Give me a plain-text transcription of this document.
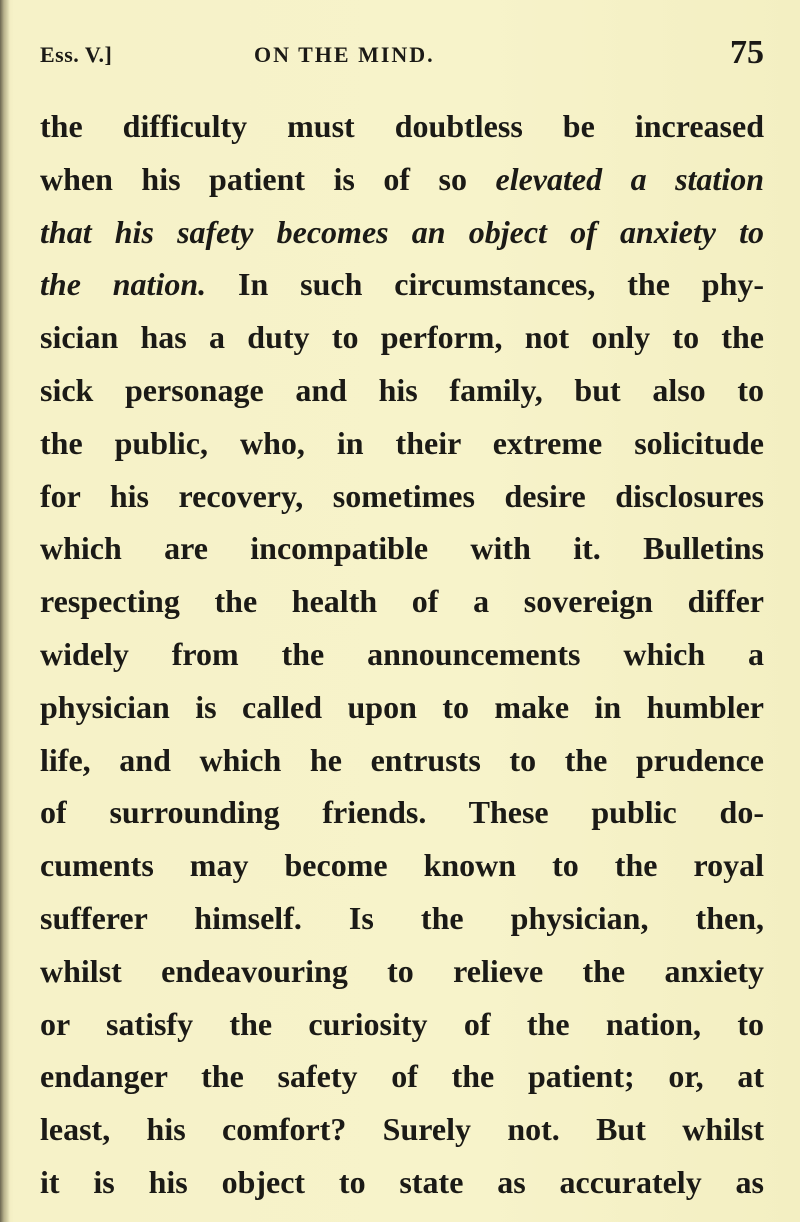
Ess. V.]	ON THE MIND.	75
the difficulty must doubtless be increased
when his patient is of so elevated a station
that his safety becomes an object of anxiety to
the nation. In such circumstances, the phy-
sician has a duty to perform, not only to the
sick personage and his family, but also to
the public, who, in their extreme solicitude
for his recovery, sometimes desire disclosures
which are incompatible with it. Bulletins
respecting the health of a sovereign differ
widely from the announcements which a
physician is called upon to make in humbler
life, and which he entrusts to the prudence
of surrounding friends. These public do-
cuments may become known to the royal
sufferer himself. Is the physician, then,
whilst endeavouring to relieve the anxiety
or satisfy the curiosity of the nation, to
endanger the safety of the patient; or, at
least, his comfort? Surely not. But whilst
it is his object to state as accurately as
